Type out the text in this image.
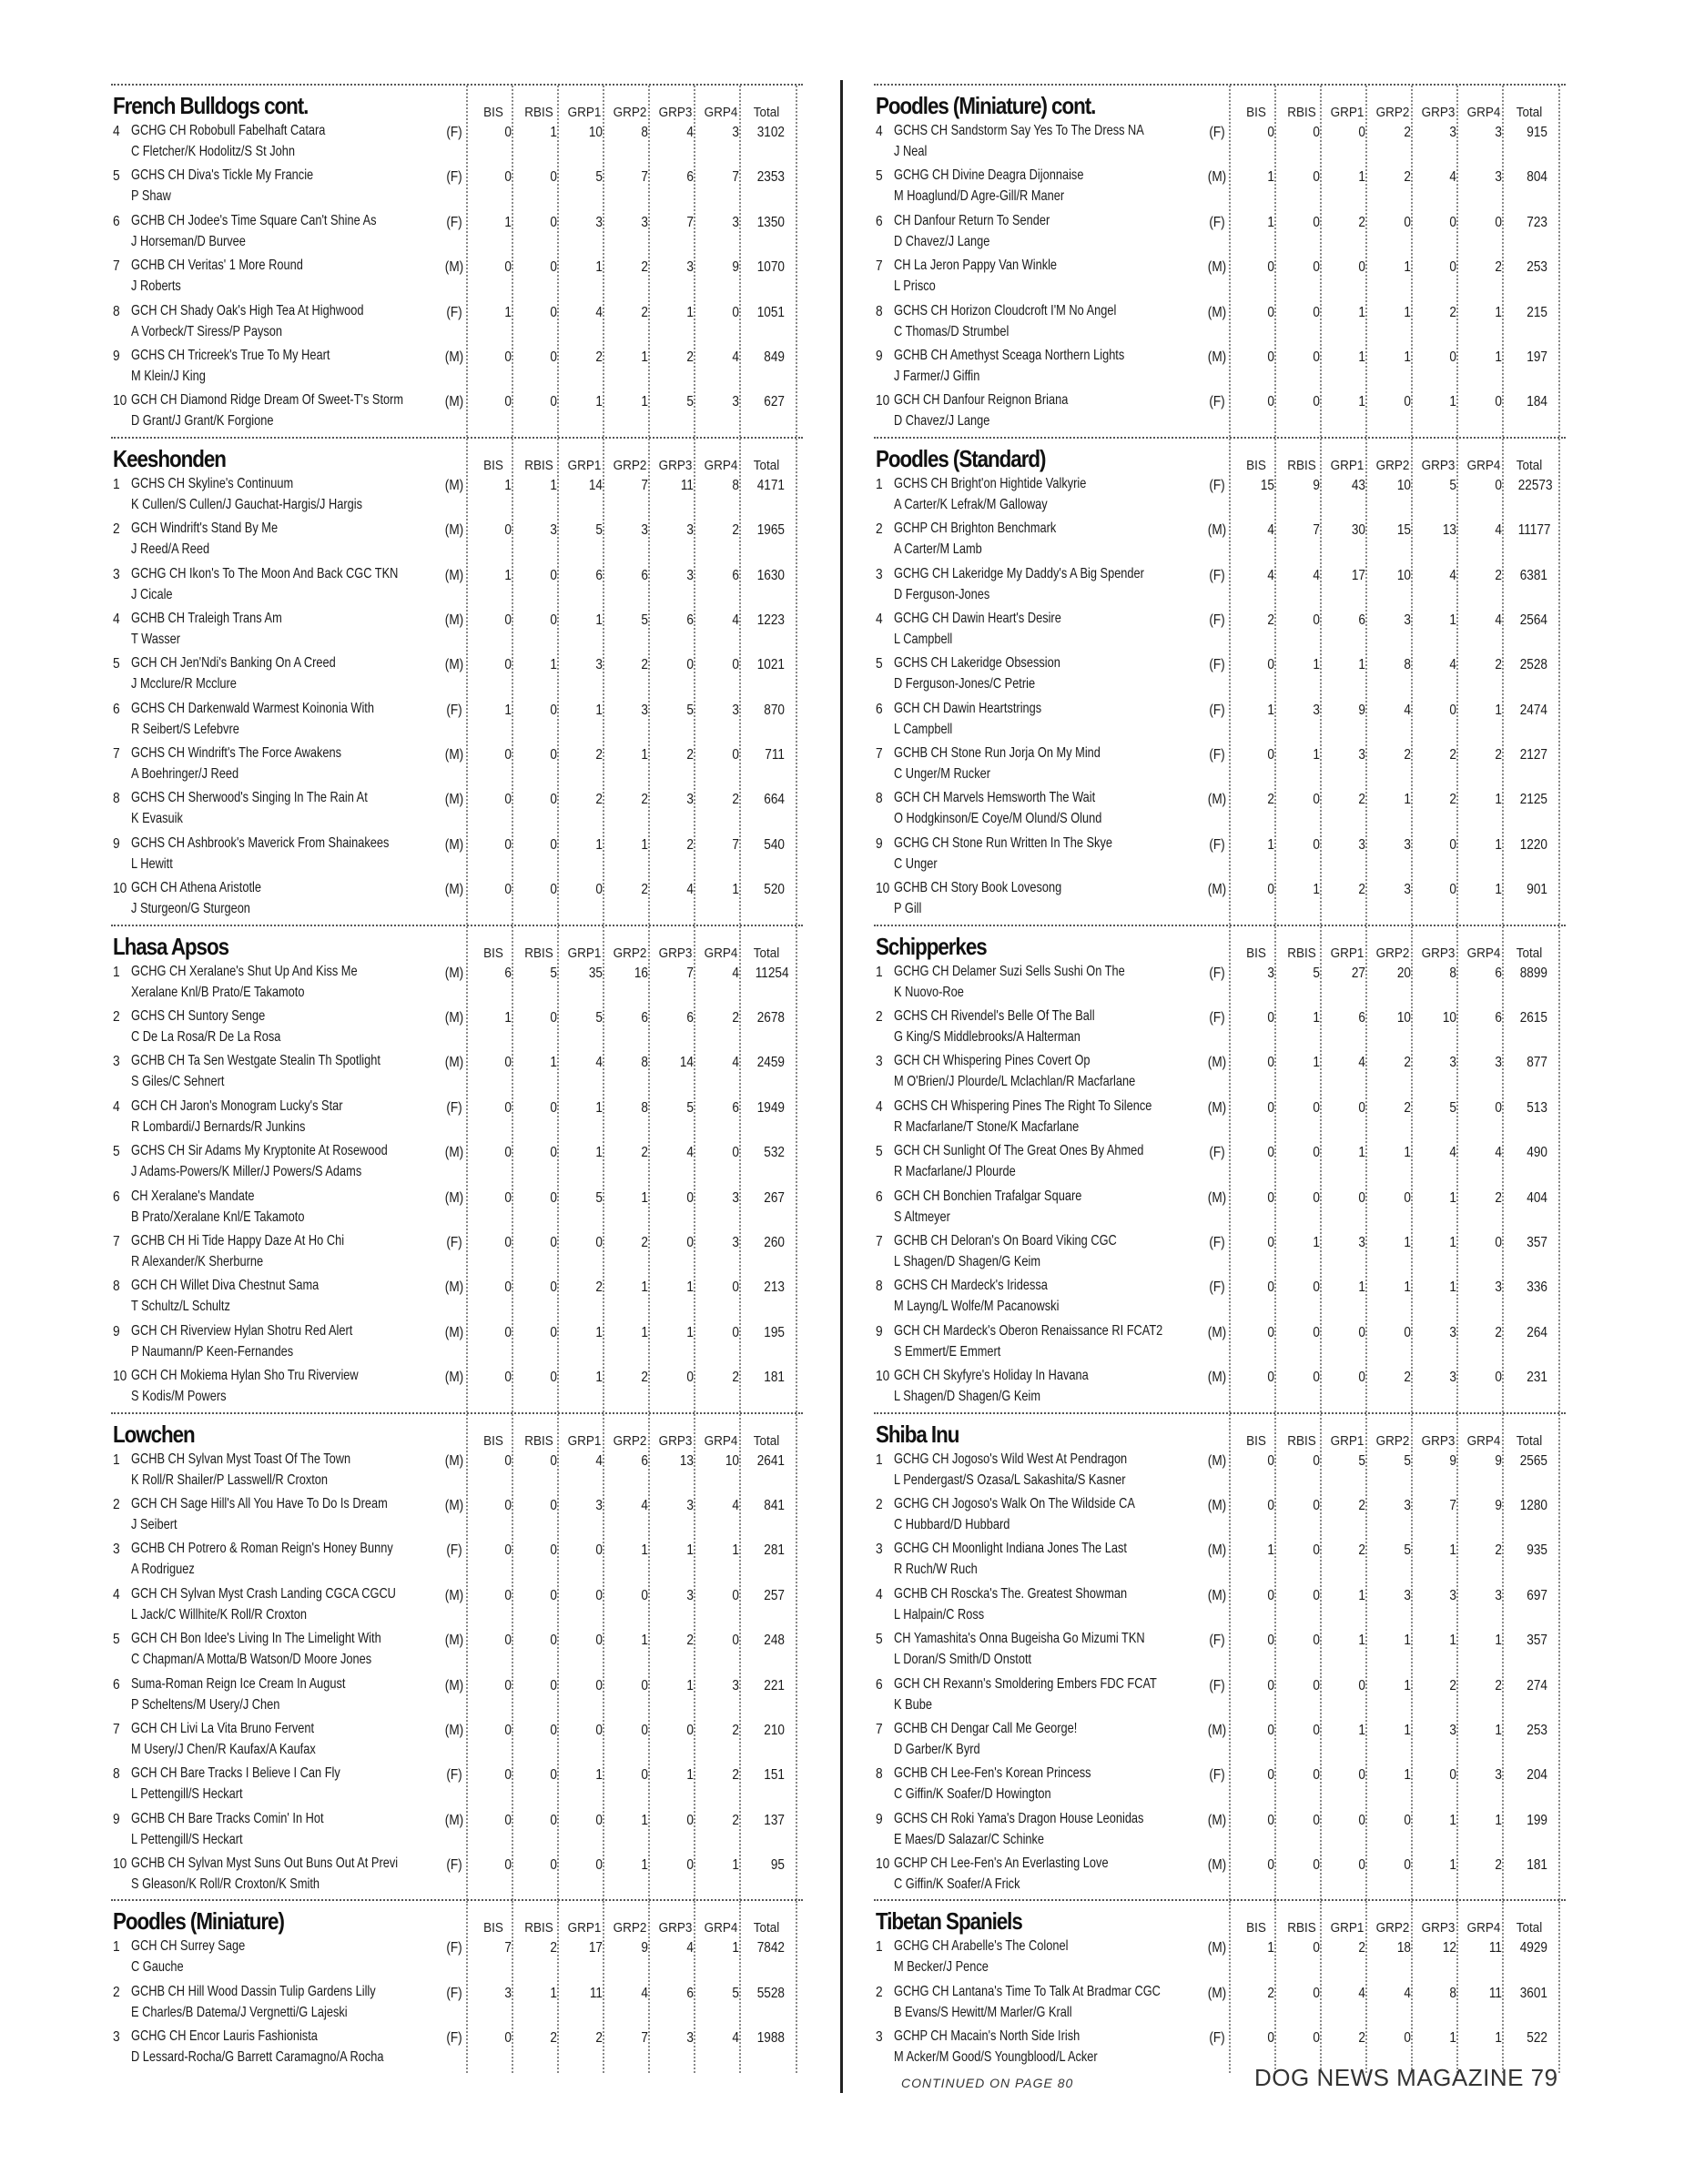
French Bulldogs cont.	BIS	RBIS	GRP1 GRP2 GRP3 GRP4	Total
4 GCHG CH Robobull Fabelhaft Catara
C Fletcher/K Hodolitz/S St John
(F)	0	1	10	8	4	3 3102
5 GCHS CH Diva's Tickle My Francie
P Shaw
(F)	0	0	5	7	6	7 2353
6 GCHB CH Jodee's Time Square Can't Shine As
J Horseman/D Burvee
(F)	1	0	3	3	7	3 1350
7 GCHB CH Veritas' 1 More Round
J Roberts
(M)	0	0	1	2	3	9 1070
8 GCH CH Shady Oak's High Tea At Highwood
A Vorbeck/T Siress/P Payson
(F)	1	0	4	2	1	0 1051
9 GCHS CH Tricreek's True To My Heart
M Klein/J King
(M)	0	0	2	1	2	4	849
10 GCH CH Diamond Ridge Dream Of Sweet-T's Storm
D Grant/J Grant/K Forgione
(M)	0	0	1	1	5	3	627
Keeshonden	BIS	RBIS	GRP1 GRP2 GRP3 GRP4	Total
1 GCHS CH Skyline's Continuum
K Cullen/S Cullen/J Gauchat-Hargis/J Hargis
(M)	1	1	14	7	11	8 4171
2 GCH Windrift's Stand By Me
J Reed/A Reed
(M)	0	3	5	3	3	2 1965
3 GCHG CH Ikon's To The Moon And Back CGC TKN
J Cicale
(M)	1	0	6	6	3	6 1630
4 GCHB CH Traleigh Trans Am
T Wasser
(M)	0	0	1	5	6	4 1223
5 GCH CH Jen'Ndi's Banking On A Creed
J Mcclure/R Mcclure
(M)	0	1	3	2	0	0 1021
6 GCHS CH Darkenwald Warmest Koinonia With
R Seibert/S Lefebvre
(F)	1	0	1	3	5	3	870
7 GCHS CH Windrift's The Force Awakens
A Boehringer/J Reed
(M)	0	0	2	1	2	0	711
8 GCHS CH Sherwood's Singing In The Rain At
K Evasuik
(M)	0	0	2	2	3	2	664
9 GCHS CH Ashbrook's Maverick From Shainakees
L Hewitt
(M)	0	0	1	1	2	7	540
10 GCH CH Athena Aristotle
J Sturgeon/G Sturgeon
(M)	0	0	0	2	4	1	520
Lhasa Apsos	BIS	RBIS	GRP1 GRP2 GRP3 GRP4	Total
1 GCHG CH Xeralane's Shut Up And Kiss Me
Xeralane Knl/B Prato/E Takamoto
(M)	6	5	35	16	7	4 11254
2 GCHS CH Suntory Senge
C De La Rosa/R De La Rosa
(M)	1	0	5	6	6	2 2678
3 GCHB CH Ta Sen Westgate Stealin Th Spotlight
S Giles/C Sehnert
(M)	0	1	4	8	14	4 2459
4 GCH CH Jaron's Monogram Lucky's Star
R Lombardi/J Bernards/R Junkins
(F)	0	0	1	8	5	6 1949
5 GCHS CH Sir Adams My Kryptonite At Rosewood
J Adams-Powers/K Miller/J Powers/S Adams
(M)	0	0	1	2	4	0	532
6 CH Xeralane's Mandate
B Prato/Xeralane Knl/E Takamoto
(M)	0	0	5	1	0	3	267
7 GCHB CH Hi Tide Happy Daze At Ho Chi
R Alexander/K Sherburne
(F)	0	0	0	2	0	3	260
8 GCH CH Willet Diva Chestnut Sama
T Schultz/L Schultz
(M)	0	0	2	1	1	0	213
9 GCH CH Riverview Hylan Shotru Red Alert
P Naumann/P Keen-Fernandes
(M)	0	0	1	1	1	0	195
10 GCH CH Mokiema Hylan Sho Tru Riverview
S Kodis/M Powers
(M)	0	0	1	2	0	2	181
Lowchen	BIS	RBIS	GRP1 GRP2 GRP3 GRP4	Total
1 GCHB CH Sylvan Myst Toast Of The Town
K Roll/R Shailer/P Lasswell/R Croxton
(M)	0	0	4	6	13	10 2641
2 GCH CH Sage Hill's All You Have To Do Is Dream
J Seibert
(M)	0	0	3	4	3	4	841
3 GCHB CH Potrero & Roman Reign's Honey Bunny
A Rodriguez
(F)	0	0	0	1	1	1	281
4 GCH CH Sylvan Myst Crash Landing CGCA CGCU
L Jack/C Willhite/K Roll/R Croxton
(M)	0	0	0	0	3	0	257
5 GCH CH Bon Idee's Living In The Limelight With
C Chapman/A Motta/B Watson/D Moore Jones
(M)	0	0	0	1	2	0	248
6 Suma-Roman Reign Ice Cream In August
P Scheltens/M Usery/J Chen
(M)	0	0	0	0	1	3	221
7 GCH CH Livi La Vita Bruno Fervent
M Usery/J Chen/R Kaufax/A Kaufax
(M)	0	0	0	0	0	2	210
8 GCH CH Bare Tracks I Believe I Can Fly
L Pettengill/S Heckart
(F)	0	0	1	0	1	2	151
9 GCHB CH Bare Tracks Comin' In Hot
L Pettengill/S Heckart
(M)	0	0	0	1	0	2	137
10 GCHB CH Sylvan Myst Suns Out Buns Out At Previ
S Gleason/K Roll/R Croxton/K Smith
(F)	0	0	0	1	0	1	95
Poodles (Miniature)	BIS	RBIS	GRP1 GRP2 GRP3 GRP4	Total
1 GCH CH Surrey Sage
C Gauche
(F)	7	2	17	9	4	1 7842
2 GCHB CH Hill Wood Dassin Tulip Gardens Lilly
E Charles/B Datema/J Vergnetti/G Lajeski
(F)	3	1	11	4	6	5 5528
3 GCHG CH Encor Lauris Fashionista
D Lessard-Rocha/G Barrett Caramagno/A Rocha
(F)	0	2	2	7	3	4 1988
Poodles (Miniature) cont.	BIS	RBIS	GRP1 GRP2 GRP3 GRP4	Total
4 GCHS CH Sandstorm Say Yes To The Dress NA
J Neal
(F)	0	0	0	2	3	3	915
5 GCHG CH Divine Deagra Dijonnaise
M Hoaglund/D Agre-Gill/R Maner
(M)	1	0	1	2	4	3	804
6 CH Danfour Return To Sender
D Chavez/J Lange
(F)	1	0	2	0	0	0	723
7 CH La Jeron Pappy Van Winkle
L Prisco
(M)	0	0	0	1	0	2	253
8 GCHS CH Horizon Cloudcroft I'M No Angel
C Thomas/D Strumbel
(M)	0	0	1	1	2	1	215
9 GCHB CH Amethyst Sceaga Northern Lights
J Farmer/J Giffin
(M)	0	0	1	1	0	1	197
10 GCH CH Danfour Reignon Briana
D Chavez/J Lange
(F)	0	0	1	0	1	0	184
Poodles (Standard)	BIS	RBIS	GRP1 GRP2 GRP3 GRP4	Total
1 GCHS CH Bright'on Hightide Valkyrie
A Carter/K Lefrak/M Galloway
(F)	15	9	43	10	5	0 22573
2 GCHP CH Brighton Benchmark
A Carter/M Lamb
(M)	4	7	30	15	13	4 11177
3 GCHG CH Lakeridge My Daddy's A Big Spender
D Ferguson-Jones
(F)	4	4	17	10	4	2 6381
4 GCHG CH Dawin Heart's Desire
L Campbell
(F)	2	0	6	3	1	4 2564
5 GCHS CH Lakeridge Obsession
D Ferguson-Jones/C Petrie
(F)	0	1	1	8	4	2 2528
6 GCH CH Dawin Heartstrings
L Campbell
(F)	1	3	9	4	0	1 2474
7 GCHB CH Stone Run Jorja On My Mind
C Unger/M Rucker
(F)	0	1	3	2	2	2 2127
8 GCH CH Marvels Hemsworth The Wait
O Hodgkinson/E Coye/M Olund/S Olund
(M)	2	0	2	1	2	1 2125
9 GCHG CH Stone Run Written In The Skye
C Unger
(F)	1	0	3	3	0	1 1220
10 GCHB CH Story Book Lovesong
P Gill
(M)	0	1	2	3	0	1	901
Schipperkes	BIS	RBIS	GRP1 GRP2 GRP3 GRP4	Total
1 GCHG CH Delamer Suzi Sells Sushi On The
K Nuovo-Roe
(F)	3	5	27	20	8	6 8899
2 GCHS CH Rivendel's Belle Of The Ball
G King/S Middlebrooks/A Halterman
(F)	0	1	6	10	10	6 2615
3 GCH CH Whispering Pines Covert Op
M O'Brien/J Plourde/L Mclachlan/R Macfarlane
(M)	0	1	4	2	3	3	877
4 GCHS CH Whispering Pines The Right To Silence
R Macfarlane/T Stone/K Macfarlane
(M)	0	0	0	2	5	0	513
5 GCH CH Sunlight Of The Great Ones By Ahmed
R Macfarlane/J Plourde
(F)	0	0	1	1	4	4	490
6 GCH CH Bonchien Trafalgar Square
S Altmeyer
(M)	0	0	0	0	1	2	404
7 GCHB CH Deloran's On Board Viking CGC
L Shagen/D Shagen/G Keim
(F)	0	1	3	1	1	0	357
8 GCHS CH Mardeck's Iridessa
M Layng/L Wolfe/M Pacanowski
(F)	0	0	1	1	1	3	336
9 GCH CH Mardeck's Oberon Renaissance RI FCAT2
S Emmert/E Emmert
(M)	0	0	0	0	3	2	264
10 GCH CH Skyfyre's Holiday In Havana
L Shagen/D Shagen/G Keim
(M)	0	0	0	2	3	0	231
Shiba Inu	BIS	RBIS	GRP1 GRP2 GRP3 GRP4	Total
1 GCHG CH Jogoso's Wild West At Pendragon
L Pendergast/S Ozasa/L Sakashita/S Kasner
(M)	0	0	5	5	9	9 2565
2 GCHG CH Jogoso's Walk On The Wildside CA
C Hubbard/D Hubbard
(M)	0	0	2	3	7	9 1280
3 GCHG CH Moonlight Indiana Jones The Last
R Ruch/W Ruch
(M)	1	0	2	5	1	2	935
4 GCHB CH Roscka's The. Greatest Showman
L Halpain/C Ross
(M)	0	0	1	3	3	3	697
5 CH Yamashita's Onna Bugeisha Go Mizumi TKN
L Doran/S Smith/D Onstott
(F)	0	0	1	1	1	1	357
6 GCH CH Rexann's Smoldering Embers FDC FCAT
K Bube
(F)	0	0	0	1	2	2	274
7 GCHB CH Dengar Call Me George!
D Garber/K Byrd
(M)	0	0	1	1	3	1	253
8 GCHB CH Lee-Fen's Korean Princess
C Giffin/K Soafer/D Howington
(F)	0	0	0	1	0	3	204
9 GCHS CH Roki Yama's Dragon House Leonidas
E Maes/D Salazar/C Schinke
(M)	0	0	0	0	1	1	199
10 GCHP CH Lee-Fen's An Everlasting Love
C Giffin/K Soafer/A Frick
(M)	0	0	0	0	1	2	181
Tibetan Spaniels	BIS	RBIS	GRP1 GRP2 GRP3 GRP4	Total
1 GCHG CH Arabelle's The Colonel
M Becker/J Pence
(M)	1	0	2	18	12	11 4929
2 GCHG CH Lantana's Time To Talk At Bradmar CGC
B Evans/S Hewitt/M Marler/G Krall
(M)	2	0	4	4	8	11 3601
3 GCHP CH Macain's North Side Irish
M Acker/M Good/S Youngblood/L Acker
(F)	0	0	2	0	1	1	522
CONTINUED ON PAGE 80	DOG NEWS MAGAZINE 79
